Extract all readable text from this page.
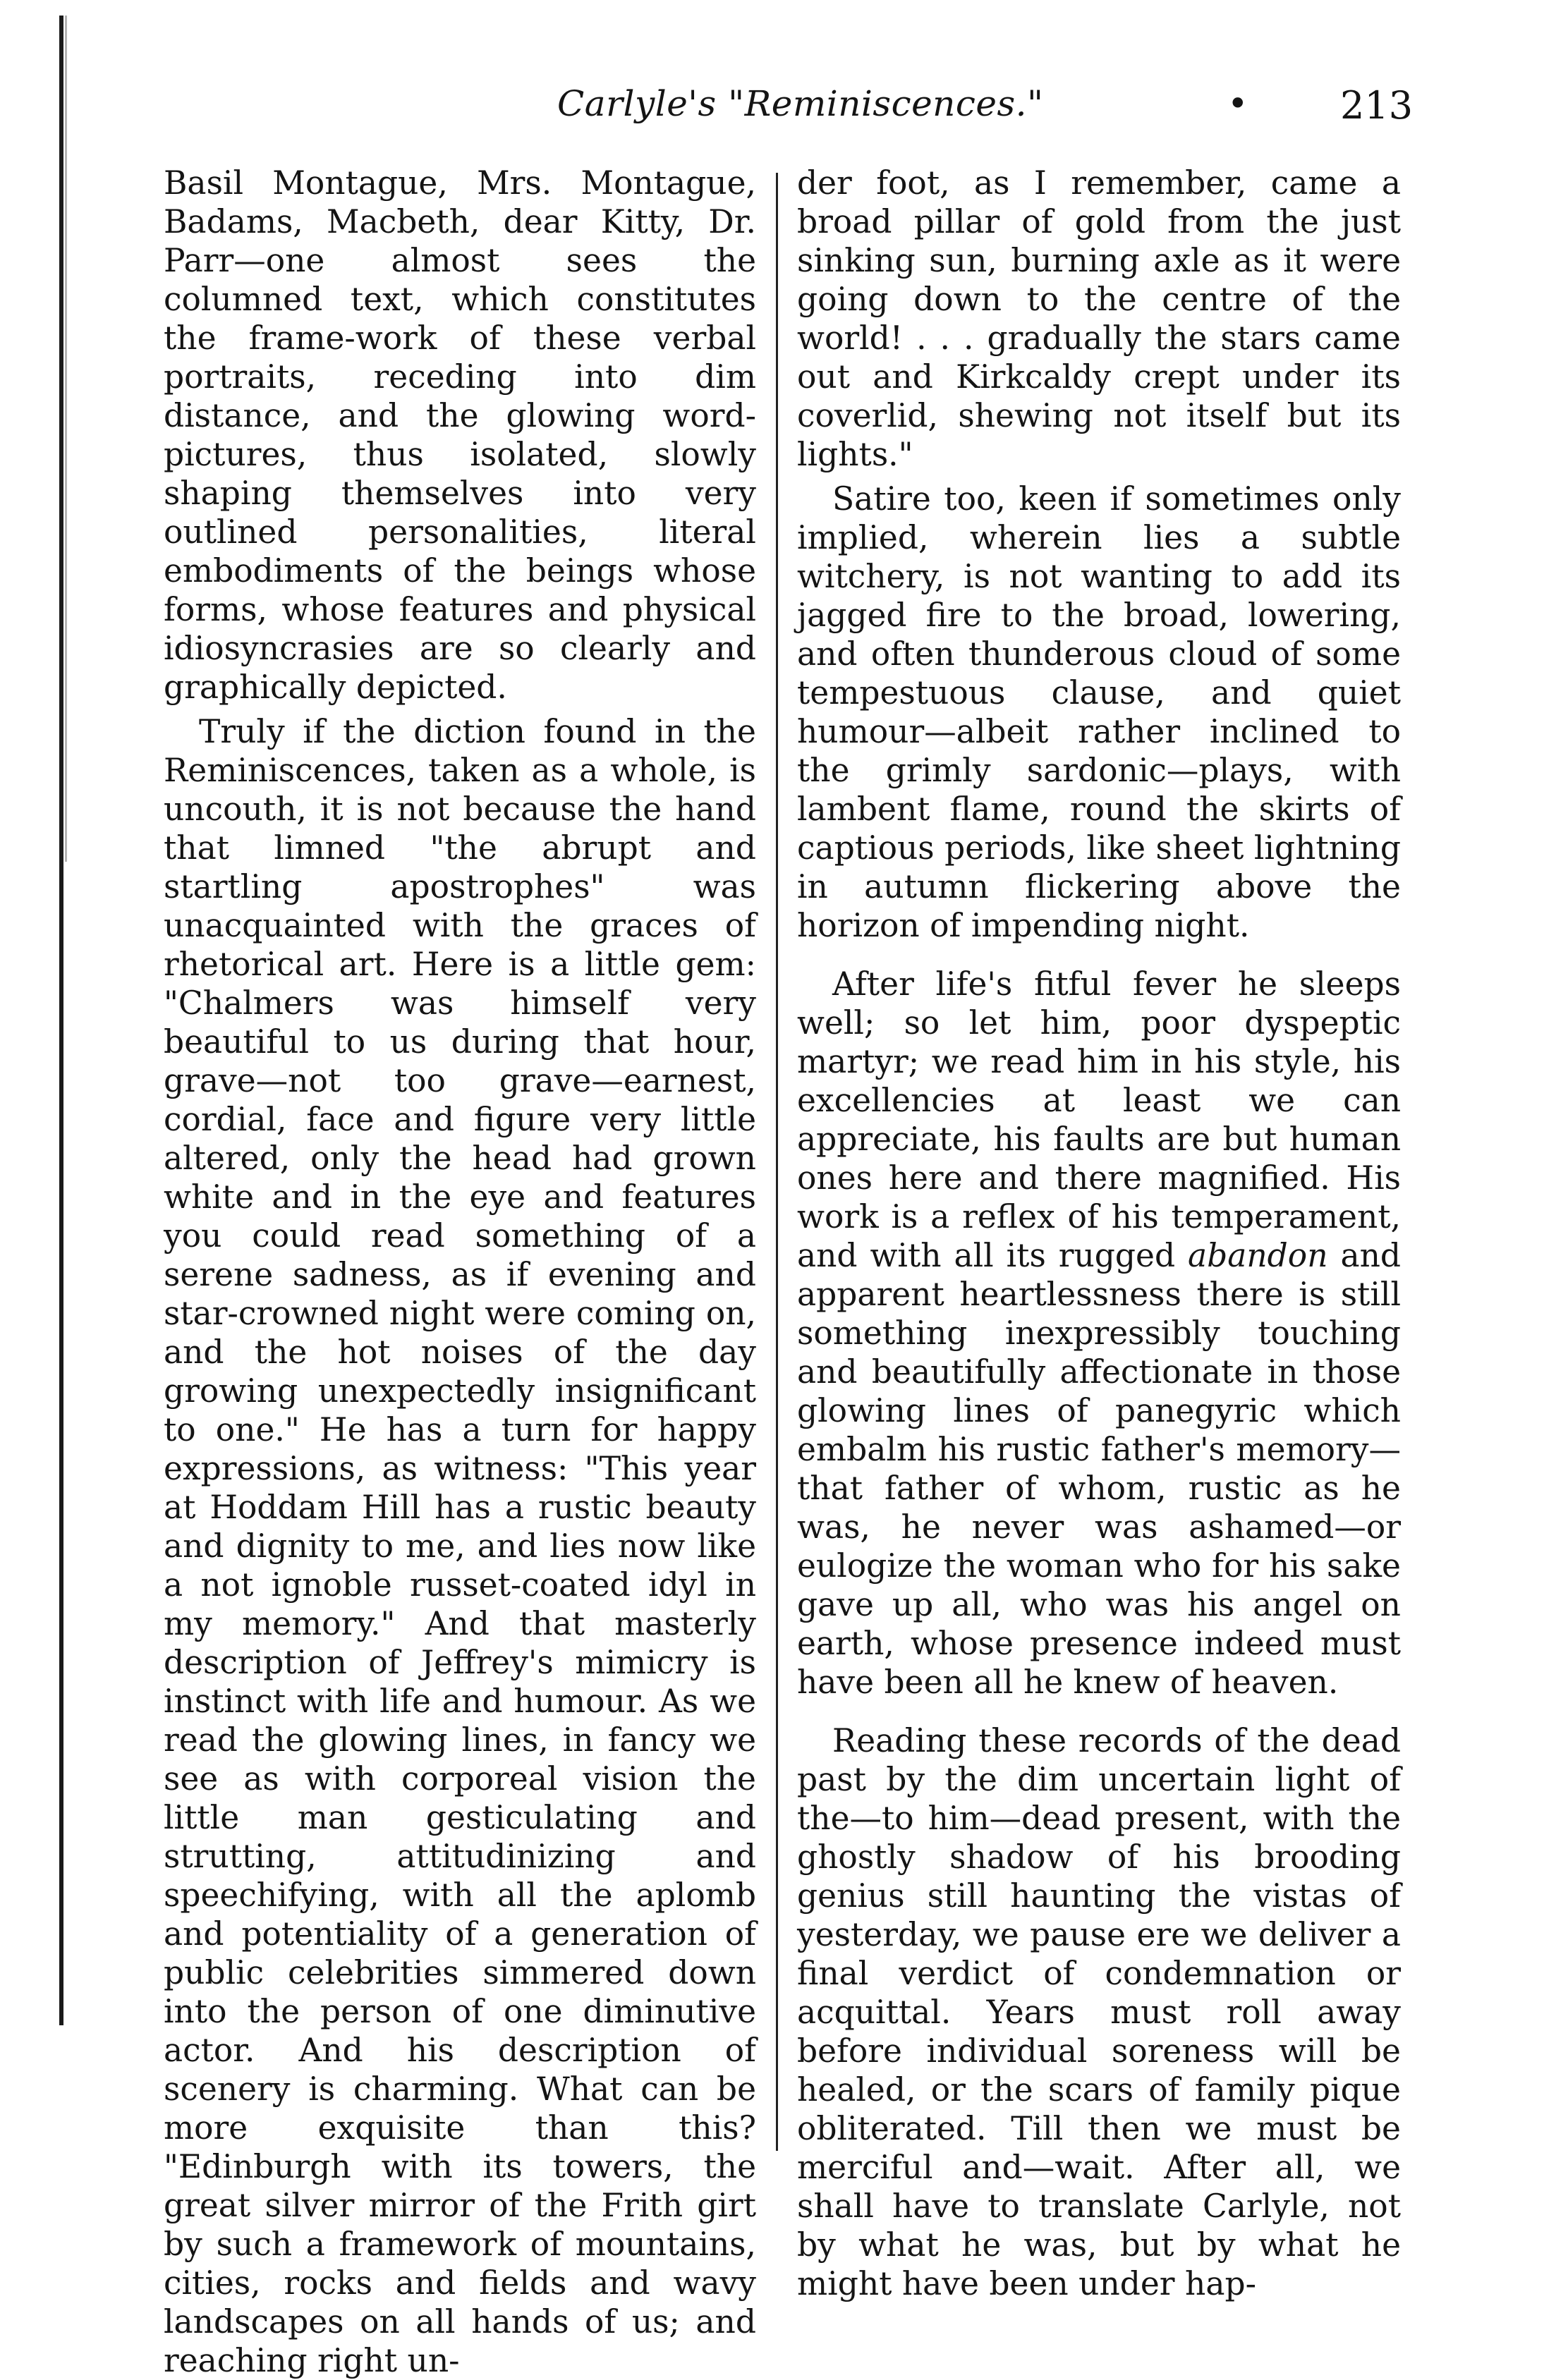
Carlyle's "Reminiscences."	• 213

Basil Montague, Mrs. Montague, Badams, Macbeth, dear Kitty, Dr. Parr—one almost sees the columned text, which constitutes the frame-work of these verbal portraits, receding into dim distance, and the glowing word-pictures, thus isolated, slowly shaping themselves into very outlined personalities, literal embodiments of the beings whose forms, whose features and physical idiosyncrasies are so clearly and graphically depicted.

Truly if the diction found in the Reminiscences, taken as a whole, is uncouth, it is not because the hand that limned "the abrupt and startling apostrophes" was unacquainted with the graces of rhetorical art. Here is a little gem: "Chalmers was himself very beautiful to us during that hour, grave—not too grave—earnest, cordial, face and figure very little altered, only the head had grown white and in the eye and features you could read something of a serene sadness, as if evening and star-crowned night were coming on, and the hot noises of the day growing unexpectedly insignificant to one." He has a turn for happy expressions, as witness: "This year at Hoddam Hill has a rustic beauty and dignity to me, and lies now like a not ignoble russet-coated idyl in my memory." And that masterly description of Jeffrey's mimicry is instinct with life and humour. As we read the glowing lines, in fancy we see as with corporeal vision the little man gesticulating and strutting, attitudinizing and speechifying, with all the aplomb and potentiality of a generation of public celebrities simmered down into the person of one diminutive actor. And his description of scenery is charming. What can be more exquisite than this? "Edinburgh with its towers, the great silver mirror of the Frith girt by such a framework of mountains, cities, rocks and fields and wavy landscapes on all hands of us; and reaching right un-

der foot, as I remember, came a broad pillar of gold from the just sinking sun, burning axle as it were going down to the centre of the world! . . . gradually the stars came out and Kirkcaldy crept under its coverlid, shewing not itself but its lights."

Satire too, keen if sometimes only implied, wherein lies a subtle witchery, is not wanting to add its jagged fire to the broad, lowering, and often thunderous cloud of some tempestuous clause, and quiet humour—albeit rather inclined to the grimly sardonic—plays, with lambent flame, round the skirts of captious periods, like sheet lightning in autumn flickering above the horizon of impending night.

After life's fitful fever he sleeps well; so let him, poor dyspeptic martyr; we read him in his style, his excellencies at least we can appreciate, his faults are but human ones here and there magnified. His work is a reflex of his temperament, and with all its rugged abandon and apparent heartlessness there is still something inexpressibly touching and beautifully affectionate in those glowing lines of panegyric which embalm his rustic father's memory—that father of whom, rustic as he was, he never was ashamed—or eulogize the woman who for his sake gave up all, who was his angel on earth, whose presence indeed must have been all he knew of heaven.

Reading these records of the dead past by the dim uncertain light of the—to him—dead present, with the ghostly shadow of his brooding genius still haunting the vistas of yesterday, we pause ere we deliver a final verdict of condemnation or acquittal. Years must roll away before individual soreness will be healed, or the scars of family pique obliterated. Till then we must be merciful and—wait. After all, we shall have to translate Carlyle, not by what he was, but by what he might have been under hap-
